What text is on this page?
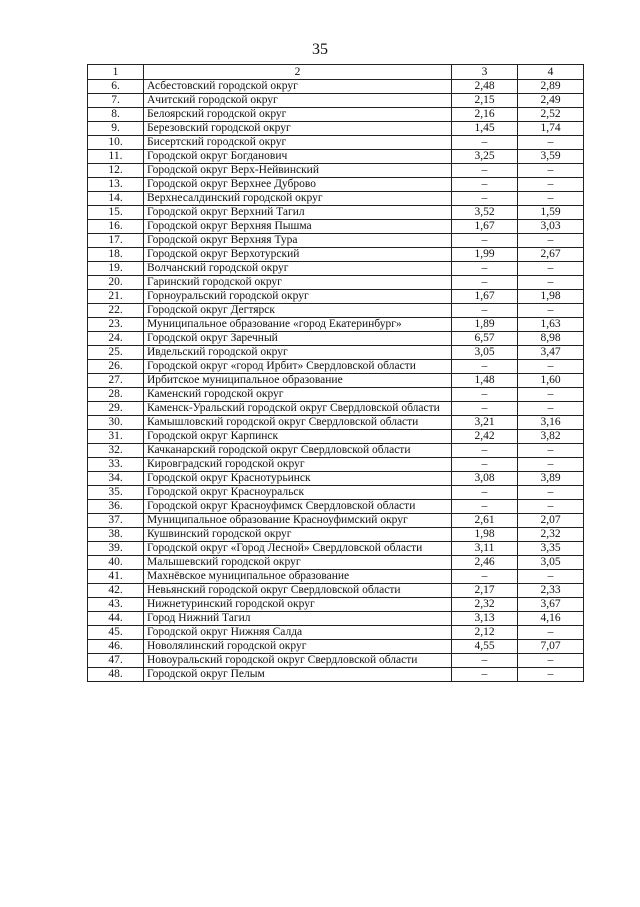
35
1	2	3	4
6.	Асбестовский городской округ	2,48	2,89
7.	Ачитский городской округ	2,15	2,49
8.	Белоярский городской округ	2,16	2,52
9.	Березовский городской округ	1,45	1,74
10.	Бисертский городской округ	–	–
11.	Городской округ Богданович	3,25	3,59
12.	Городской округ Верх-Нейвинский	–	–
13.	Городской округ Верхнее Дуброво	–	–
14.	Верхнесалдинский городской округ	–	–
15.	Городской округ Верхний Тагил	3,52	1,59
16.	Городской округ Верхняя Пышма	1,67	3,03
17.	Городской округ Верхняя Тура	–	–
18.	Городской округ Верхотурский	1,99	2,67
19.	Волчанский городской округ	–	–
20.	Гаринский городской округ	–	–
21.	Горноуральский городской округ	1,67	1,98
22.	Городской округ Дегтярск	–	–
23.	Муниципальное образование «город Екатеринбург»	1,89	1,63
24.	Городской округ Заречный	6,57	8,98
25.	Ивдельский городской округ	3,05	3,47
26.	Городской округ «город Ирбит» Свердловской области	–	–
27.	Ирбитское муниципальное образование	1,48	1,60
28.	Каменский городской округ	–	–
29.	Каменск-Уральский городской округ Свердловской области	–	–
30.	Камышловский городской округ Свердловской области	3,21	3,16
31.	Городской округ Карпинск	2,42	3,82
32.	Качканарский городской округ Свердловской области	–	–
33.	Кировградский городской округ	–	–
34.	Городской округ Краснотурьинск	3,08	3,89
35.	Городской округ Красноуральск	–	–
36.	Городской округ Красноуфимск Свердловской области	–	–
37.	Муниципальное образование Красноуфимский округ	2,61	2,07
38.	Кушвинский городской округ	1,98	2,32
39.	Городской округ «Город Лесной» Свердловской области	3,11	3,35
40.	Малышевский городской округ	2,46	3,05
41.	Махнёвское муниципальное образование	–	–
42.	Невьянский городской округ Свердловской области	2,17	2,33
43.	Нижнетуринский городской округ	2,32	3,67
44.	Город Нижний Тагил	3,13	4,16
45.	Городской округ Нижняя Салда	2,12	–
46.	Новолялинский городской округ	4,55	7,07
47.	Новоуральский городской округ Свердловской области	–	–
48.	Городской округ Пелым	–	–
